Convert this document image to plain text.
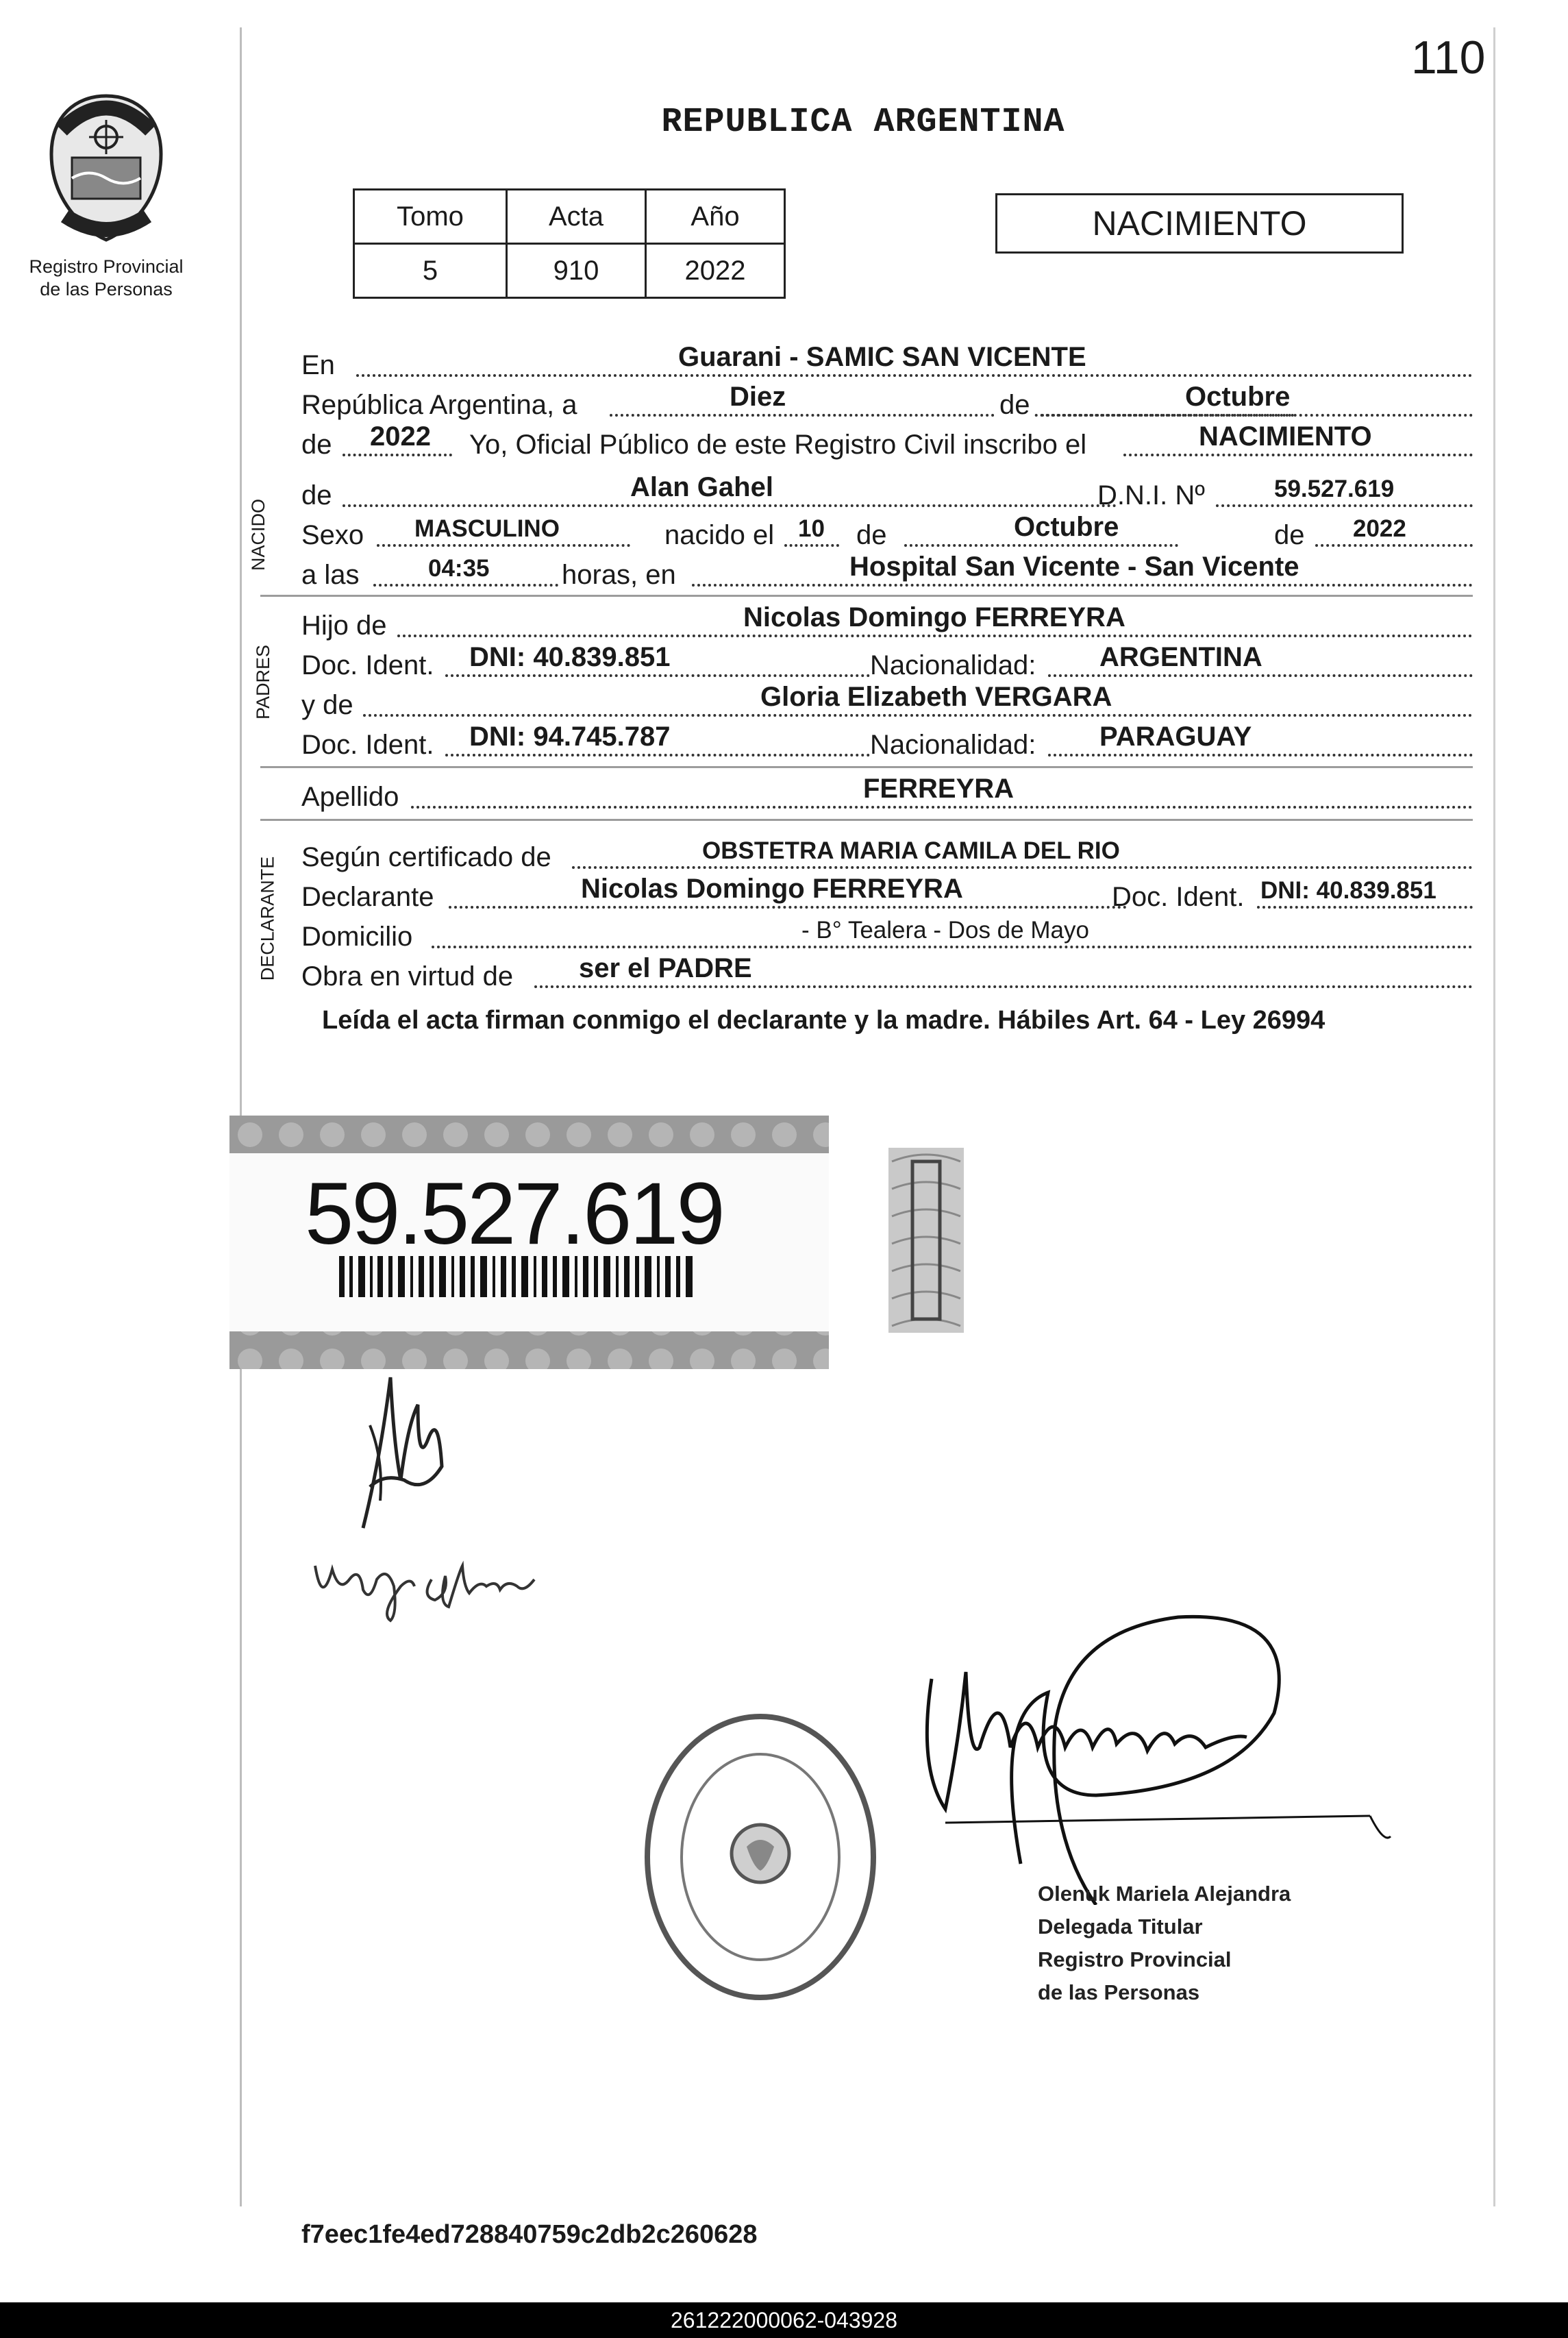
110
Registro Provincial
de las Personas
REPUBLICA ARGENTINA
Tomo	Acta	Año
5	910	2022
NACIMIENTO
En	Guarani - SAMIC SAN VICENTE
República Argentina, a	Diez	de	Octubre
de 2022 Yo, Oficial Público de este Registro Civil inscribo el	NACIMIENTO
NACIDO
de	Alan Gahel	D.N.I. Nº	59.527.619
Sexo MASCULINO	nacido el 10 de	Octubre	de 2022
a las	04:35	horas, en	Hospital San Vicente - San Vicente
PADRES
Hijo de	Nicolas Domingo FERREYRA
Doc. Ident. DNI: 40.839.851	Nacionalidad: ARGENTINA
y de	Gloria Elizabeth VERGARA
Doc. Ident. DNI: 94.745.787	Nacionalidad: PARAGUAY
Apellido	FERREYRA
DECLARANTE Según certificado de	OBSTETRA MARIA CAMILA DEL RIO
Declarante	Nicolas Domingo FERREYRA	Doc. Ident. DNI: 40.839.851
Domicilio	- B° Tealera - Dos de Mayo
Obra en virtud de ser el PADRE
Leída el acta firman conmigo el declarante y la madre. Hábiles Art. 64 - Ley 26994
59.527.619
Olenuk Mariela Alejandra
Delegada Titular
Registro Provincial
de las Personas
f7eec1fe4ed728840759c2db2c260628
261222000062-043928
